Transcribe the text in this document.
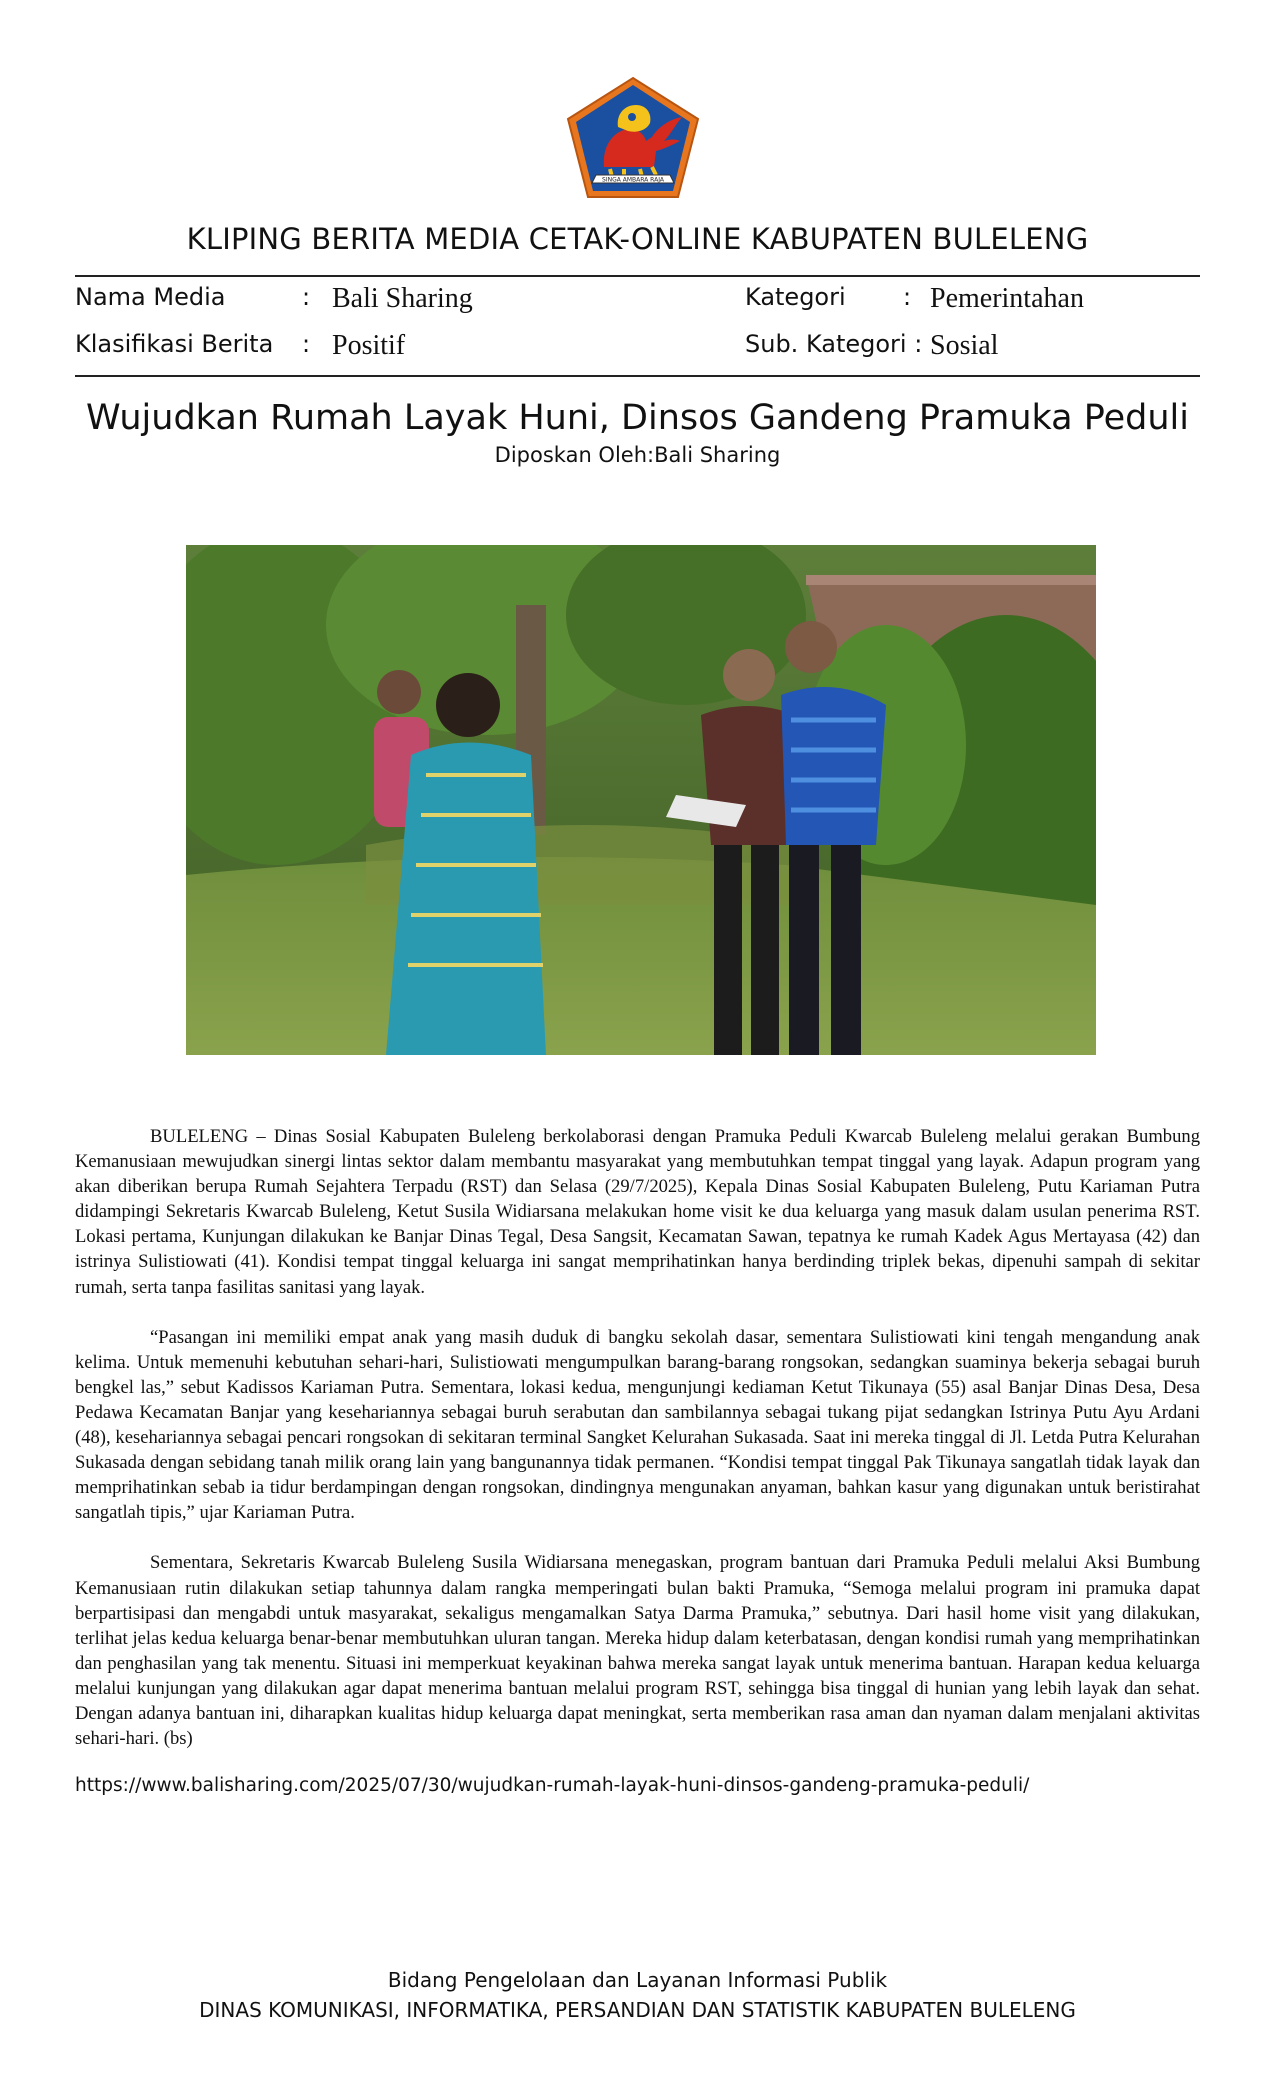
SINGA AMBARA RAJA
KLIPING BERITA MEDIA CETAK-ONLINE KABUPATEN BULELENG
Nama Media	: Bali Sharing	Kategori : Pemerintahan
Klasifikasi Berita : Positif	Sub. Kategori : Sosial
Wujudkan Rumah Layak Huni, Dinsos Gandeng Pramuka Peduli
Diposkan Oleh:Bali Sharing

BULELENG – Dinas Sosial Kabupaten Buleleng berkolaborasi dengan Pramuka Peduli Kwarcab Buleleng melalui gerakan Bumbung Kemanusiaan mewujudkan sinergi lintas sektor dalam membantu masyarakat yang membutuhkan tempat tinggal yang layak. Adapun program yang akan diberikan berupa Rumah Sejahtera Terpadu (RST) dan Selasa (29/7/2025), Kepala Dinas Sosial Kabupaten Buleleng, Putu Kariaman Putra didampingi Sekretaris Kwarcab Buleleng, Ketut Susila Widiarsana melakukan home visit ke dua keluarga yang masuk dalam usulan penerima RST. Lokasi pertama, Kunjungan dilakukan ke Banjar Dinas Tegal, Desa Sangsit, Kecamatan Sawan, tepatnya ke rumah Kadek Agus Mertayasa (42) dan istrinya Sulistiowati (41). Kondisi tempat tinggal keluarga ini sangat memprihatinkan hanya berdinding triplek bekas, dipenuhi sampah di sekitar rumah, serta tanpa fasilitas sanitasi yang layak.

“Pasangan ini memiliki empat anak yang masih duduk di bangku sekolah dasar, sementara Sulistiowati kini tengah mengandung anak kelima. Untuk memenuhi kebutuhan sehari-hari, Sulistiowati mengumpulkan barang-barang rongsokan, sedangkan suaminya bekerja sebagai buruh bengkel las,” sebut Kadissos Kariaman Putra. Sementara, lokasi kedua, mengunjungi kediaman Ketut Tikunaya (55) asal Banjar Dinas Desa, Desa Pedawa Kecamatan Banjar yang kesehariannya sebagai buruh serabutan dan sambilannya sebagai tukang pijat sedangkan Istrinya Putu Ayu Ardani (48), kesehariannya sebagai pencari rongsokan di sekitaran terminal Sangket Kelurahan Sukasada. Saat ini mereka tinggal di Jl. Letda Putra Kelurahan Sukasada dengan sebidang tanah milik orang lain yang bangunannya tidak permanen. “Kondisi tempat tinggal Pak Tikunaya sangatlah tidak layak dan memprihatinkan sebab ia tidur berdampingan dengan rongsokan, dindingnya mengunakan anyaman, bahkan kasur yang digunakan untuk beristirahat sangatlah tipis,” ujar Kariaman Putra.

Sementara, Sekretaris Kwarcab Buleleng Susila Widiarsana menegaskan, program bantuan dari Pramuka Peduli melalui Aksi Bumbung Kemanusiaan rutin dilakukan setiap tahunnya dalam rangka memperingati bulan bakti Pramuka, “Semoga melalui program ini pramuka dapat berpartisipasi dan mengabdi untuk masyarakat, sekaligus mengamalkan Satya Darma Pramuka,” sebutnya. Dari hasil home visit yang dilakukan, terlihat jelas kedua keluarga benar-benar membutuhkan uluran tangan. Mereka hidup dalam keterbatasan, dengan kondisi rumah yang memprihatinkan dan penghasilan yang tak menentu. Situasi ini memperkuat keyakinan bahwa mereka sangat layak untuk menerima bantuan. Harapan kedua keluarga melalui kunjungan yang dilakukan agar dapat menerima bantuan melalui program RST, sehingga bisa tinggal di hunian yang lebih layak dan sehat. Dengan adanya bantuan ini, diharapkan kualitas hidup keluarga dapat meningkat, serta memberikan rasa aman dan nyaman dalam menjalani aktivitas sehari-hari. (bs)

https://www.balisharing.com/2025/07/30/wujudkan-rumah-layak-huni-dinsos-gandeng-pramuka-peduli/
Bidang Pengelolaan dan Layanan Informasi Publik
DINAS KOMUNIKASI, INFORMATIKA, PERSANDIAN DAN STATISTIK KABUPATEN BULELENG
